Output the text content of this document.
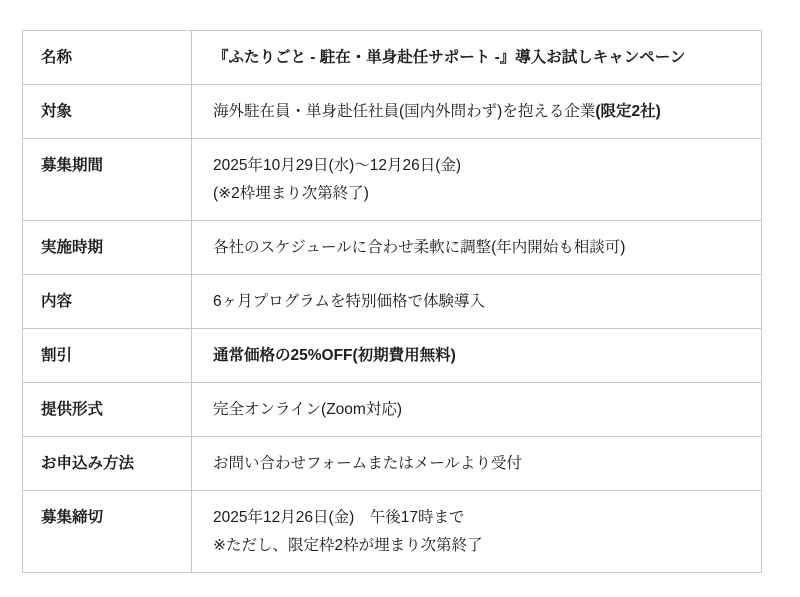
名称	『ふたりごと - 駐在・単身赴任サポート -』導入お試しキャンペーン

対象	海外駐在員・単身赴任社員(国内外問わず)を抱える企業(限定2社)

募集期間	2025年10月29日(水)〜12月26日(金)
(※2枠埋まり次第終了)

実施時期	各社のスケジュールに合わせ柔軟に調整(年内開始も相談可)

内容	6ヶ月プログラムを特別価格で体験導入

割引	通常価格の25%OFF(初期費用無料)

提供形式	完全オンライン(Zoom対応)

お申込み方法	お問い合わせフォームまたはメールより受付

募集締切	2025年12月26日(金)　午後17時まで
※ただし、限定枠2枠が埋まり次第終了
